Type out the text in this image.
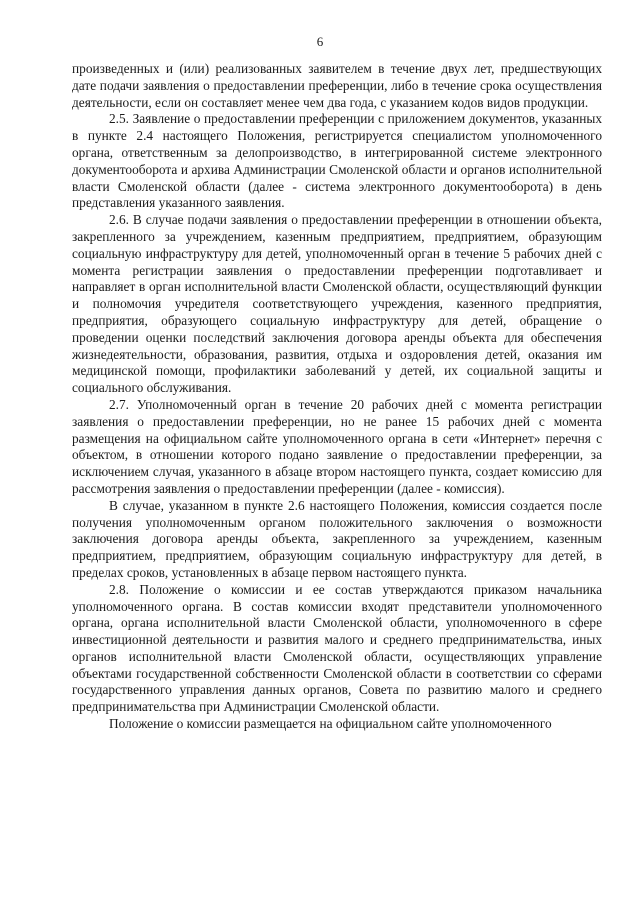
6

произведенных и (или) реализованных заявителем в течение двух лет, предшествующих дате подачи заявления о предоставлении преференции, либо в течение срока осуществления деятельности, если он составляет менее чем два года, с указанием кодов видов продукции.

2.5. Заявление о предоставлении преференции с приложением документов, указанных в пункте 2.4 настоящего Положения, регистрируется специалистом уполномоченного органа, ответственным за делопроизводство, в интегрированной системе электронного документооборота и архива Администрации Смоленской области и органов исполнительной власти Смоленской области (далее - система электронного документооборота) в день представления указанного заявления.

2.6. В случае подачи заявления о предоставлении преференции в отношении объекта, закрепленного за учреждением, казенным предприятием, предприятием, образующим социальную инфраструктуру для детей, уполномоченный орган в течение 5 рабочих дней с момента регистрации заявления о предоставлении преференции подготавливает и направляет в орган исполнительной власти Смоленской области, осуществляющий функции и полномочия учредителя соответствующего учреждения, казенного предприятия, предприятия, образующего социальную инфраструктуру для детей, обращение о проведении оценки последствий заключения договора аренды объекта для обеспечения жизнедеятельности, образования, развития, отдыха и оздоровления детей, оказания им медицинской помощи, профилактики заболеваний у детей, их социальной защиты и социального обслуживания.

2.7. Уполномоченный орган в течение 20 рабочих дней с момента регистрации заявления о предоставлении преференции, но не ранее 15 рабочих дней с момента размещения на официальном сайте уполномоченного органа в сети «Интернет» перечня с объектом, в отношении которого подано заявление о предоставлении преференции, за исключением случая, указанного в абзаце втором настоящего пункта, создает комиссию для рассмотрения заявления о предоставлении преференции (далее - комиссия).

В случае, указанном в пункте 2.6 настоящего Положения, комиссия создается после получения уполномоченным органом положительного заключения о возможности заключения договора аренды объекта, закрепленного за учреждением, казенным предприятием, предприятием, образующим социальную инфраструктуру для детей, в пределах сроков, установленных в абзаце первом настоящего пункта.

2.8. Положение о комиссии и ее состав утверждаются приказом начальника уполномоченного органа. В состав комиссии входят представители уполномоченного органа, органа исполнительной власти Смоленской области, уполномоченного в сфере инвестиционной деятельности и развития малого и среднего предпринимательства, иных органов исполнительной власти Смоленской области, осуществляющих управление объектами государственной собственности Смоленской области в соответствии со сферами государственного управления данных органов, Совета по развитию малого и среднего предпринимательства при Администрации Смоленской области.

Положение о комиссии размещается на официальном сайте уполномоченного
